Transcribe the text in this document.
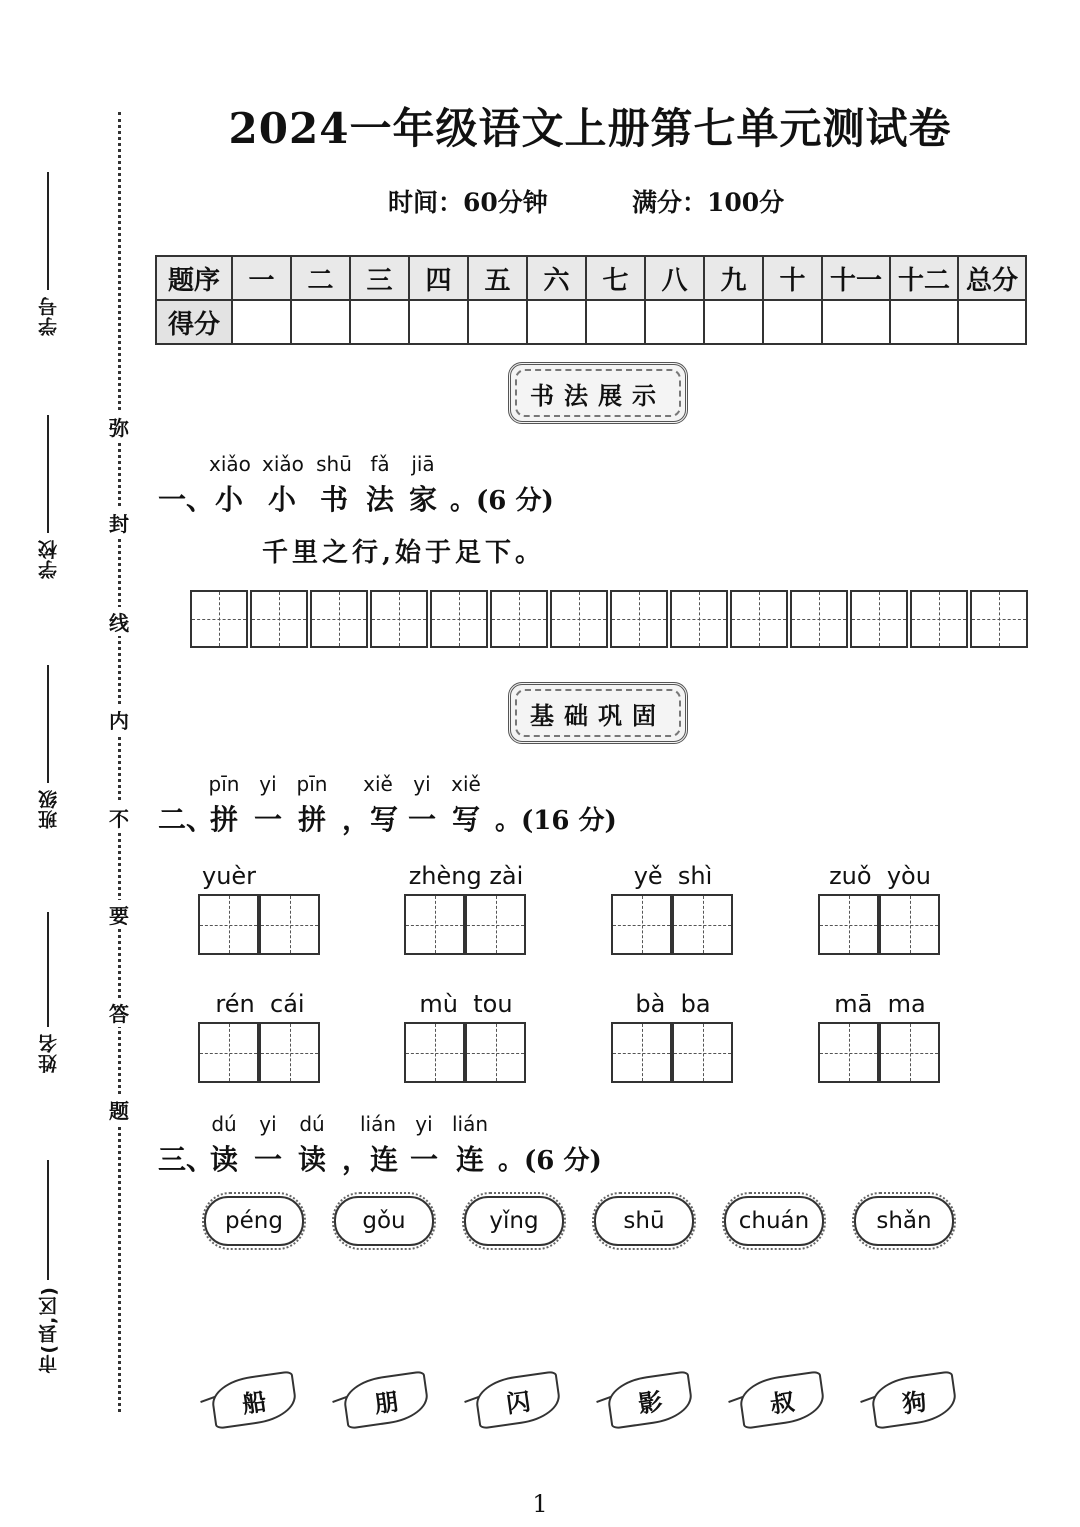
学号
学校
班级
姓名
市(县,区)
弥
封
线
内
不
要
答
题
2024一年级语文上册第七单元测试卷
时间：60分钟	满分：100分
题序	一	二	三	四	五	六	七	八	九	十	十一	十二	总分
得分													
书法展示
xiǎo xiǎo shū fǎ	jiā
一、 小 小 书 法 家 。(6 分)
千里之行,始于足下。
基础巩固
pīn yi pīn xiě	yi	xiě
二、
拼 一 拼 ，写 一 写 。(16 分)
yuèr	zhèng zài	yě  shì	zuǒ  yòu
rén  cái	mù  tou	bà  ba	mā  ma
dú	yi	dú	lián yi lián
三、
读 一 读 ，连 一 连 。(6 分)
péng	gǒu	yǐng	shū	chuán	shǎn
船	朋	闪	影	叔	狗
1
